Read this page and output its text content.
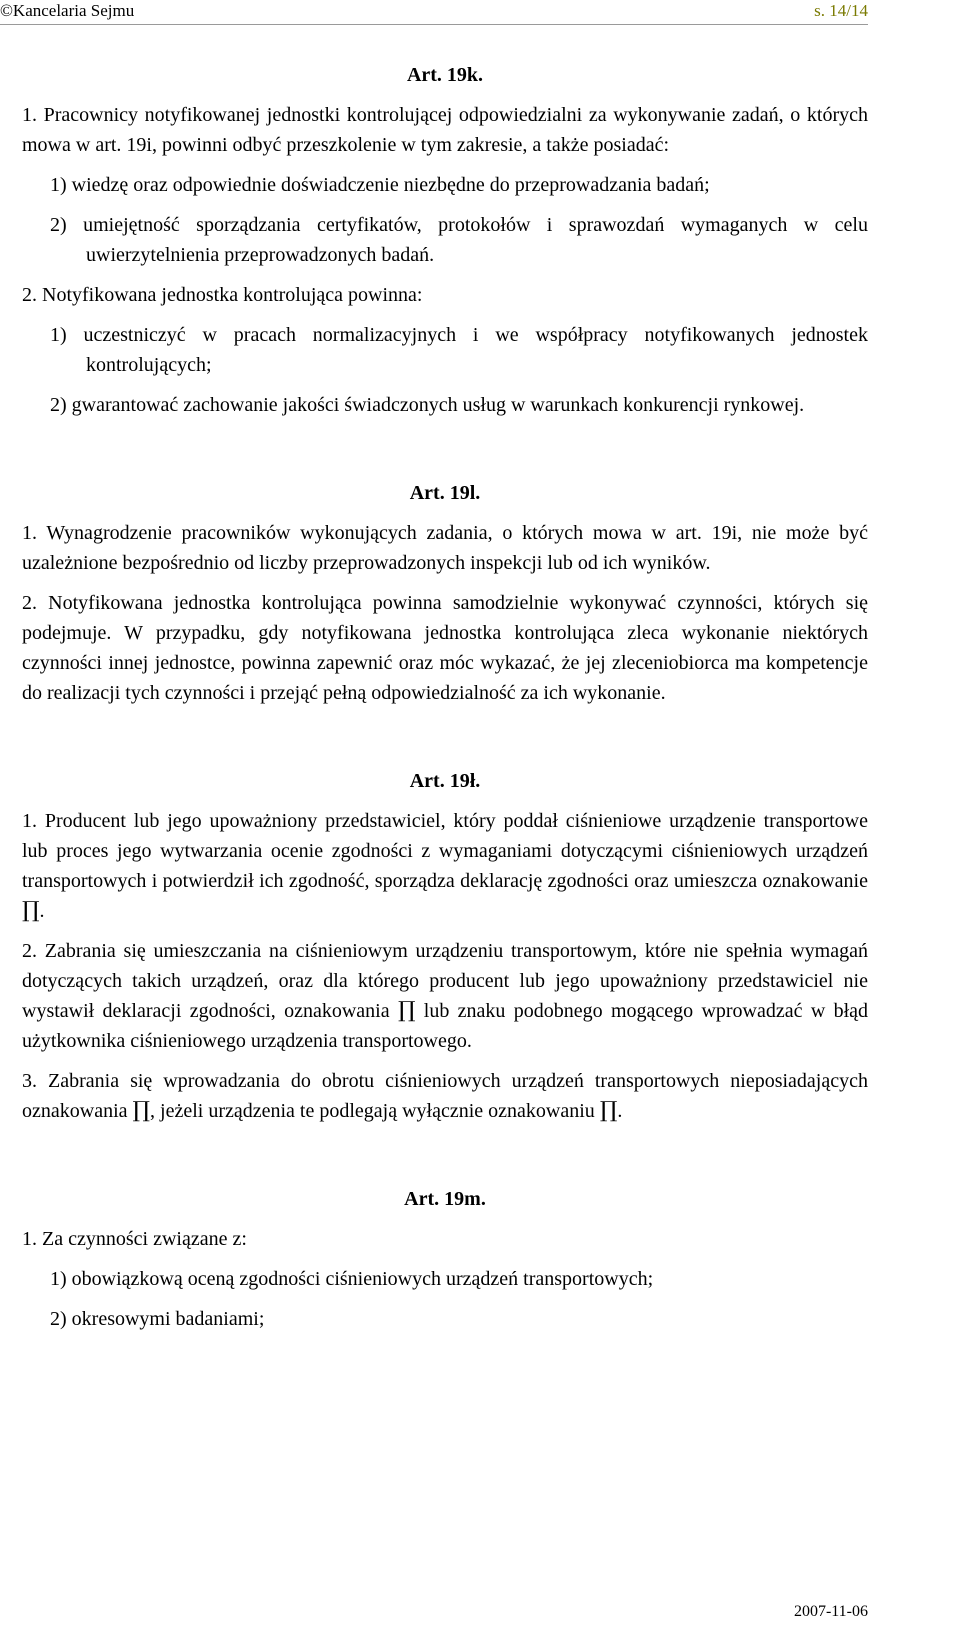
©Kancelaria Sejmu	s. 14/14
Art. 19k.

1. Pracownicy notyfikowanej jednostki kontrolującej odpowiedzialni za wykonywanie zadań, o których mowa w art. 19i, powinni odbyć przeszkolenie w tym zakresie, a także posiadać:

1) wiedzę oraz odpowiednie doświadczenie niezbędne do przeprowadzania badań;

2) umiejętność sporządzania certyfikatów, protokołów i sprawozdań wymaganych w celu uwierzytelnienia przeprowadzonych badań.

2. Notyfikowana jednostka kontrolująca powinna:

1) uczestniczyć w pracach normalizacyjnych i we współpracy notyfikowanych jednostek kontrolujących;

2) gwarantować zachowanie jakości świadczonych usług w warunkach konkurencji rynkowej.

Art. 19l.

1. Wynagrodzenie pracowników wykonujących zadania, o których mowa w art. 19i, nie może być uzależnione bezpośrednio od liczby przeprowadzonych inspekcji lub od ich wyników.

2. Notyfikowana jednostka kontrolująca powinna samodzielnie wykonywać czynności, których się podejmuje. W przypadku, gdy notyfikowana jednostka kontrolująca zleca wykonanie niektórych czynności innej jednostce, powinna zapewnić oraz móc wykazać, że jej zleceniobiorca ma kompetencje do realizacji tych czynności i przejąć pełną odpowiedzialność za ich wykonanie.

Art. 19ł.

1. Producent lub jego upoważniony przedstawiciel, który poddał ciśnieniowe urządzenie transportowe lub proces jego wytwarzania ocenie zgodności z wymaganiami dotyczącymi ciśnieniowych urządzeń transportowych i potwierdził ich zgodność, sporządza deklarację zgodności oraz umieszcza oznakowanie ∏.

2. Zabrania się umieszczania na ciśnieniowym urządzeniu transportowym, które nie spełnia wymagań dotyczących takich urządzeń, oraz dla którego producent lub jego upoważniony przedstawiciel nie wystawił deklaracji zgodności, oznakowania ∏ lub znaku podobnego mogącego wprowadzać w błąd użytkownika ciśnieniowego urządzenia transportowego.

3. Zabrania się wprowadzania do obrotu ciśnieniowych urządzeń transportowych nieposiadających oznakowania ∏, jeżeli urządzenia te podlegają wyłącznie oznakowaniu ∏.

Art. 19m.

1. Za czynności związane z:

1) obowiązkową oceną zgodności ciśnieniowych urządzeń transportowych;

2) okresowymi badaniami;

2007-11-06
